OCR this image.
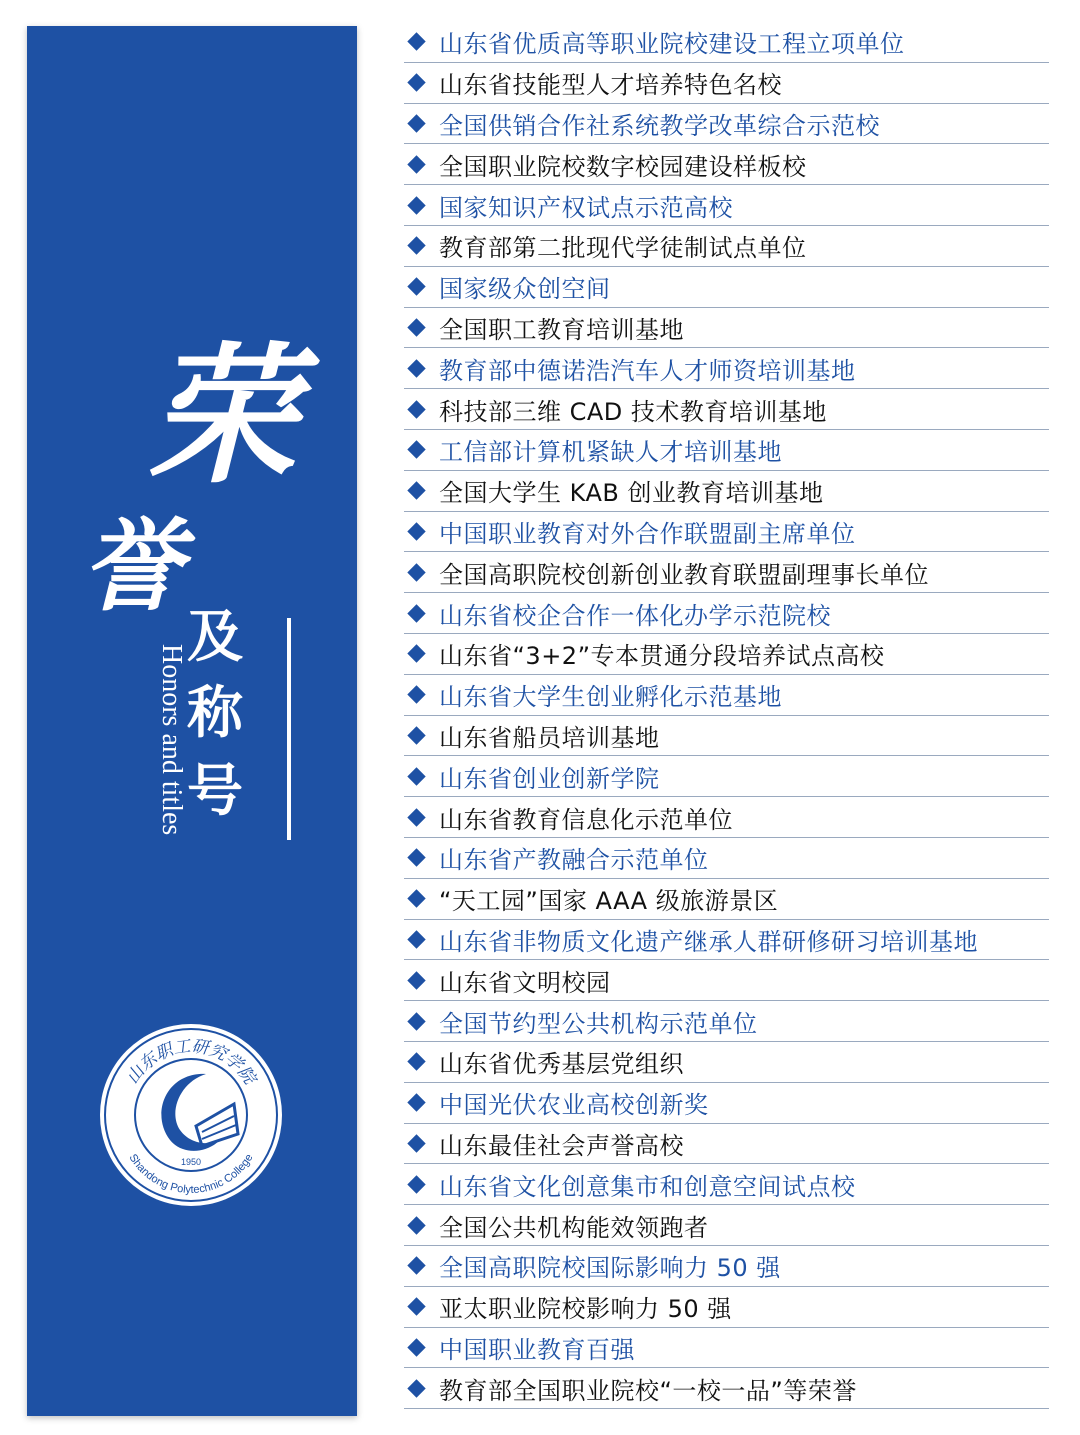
荣
誉
及
称
号
Honors and titles
山东职工研究学院
Shandong Polytechnic College
1950
山东省优质高等职业院校建设工程立项单位
山东省技能型人才培养特色名校
全国供销合作社系统教学改革综合示范校
全国职业院校数字校园建设样板校
国家知识产权试点示范高校
教育部第二批现代学徒制试点单位
国家级众创空间
全国职工教育培训基地
教育部中德诺浩汽车人才师资培训基地
科技部三维 CAD 技术教育培训基地
工信部计算机紧缺人才培训基地
全国大学生 KAB 创业教育培训基地
中国职业教育对外合作联盟副主席单位
全国高职院校创新创业教育联盟副理事长单位
山东省校企合作一体化办学示范院校
山东省“3+2”专本贯通分段培养试点高校
山东省大学生创业孵化示范基地
山东省船员培训基地
山东省创业创新学院
山东省教育信息化示范单位
山东省产教融合示范单位
“天工园”国家 AAA 级旅游景区
山东省非物质文化遗产继承人群研修研习培训基地
山东省文明校园
全国节约型公共机构示范单位
山东省优秀基层党组织
中国光伏农业高校创新奖
山东最佳社会声誉高校
山东省文化创意集市和创意空间试点校
全国公共机构能效领跑者
全国高职院校国际影响力 50 强
亚太职业院校影响力 50 强
中国职业教育百强
教育部全国职业院校“一校一品”等荣誉
